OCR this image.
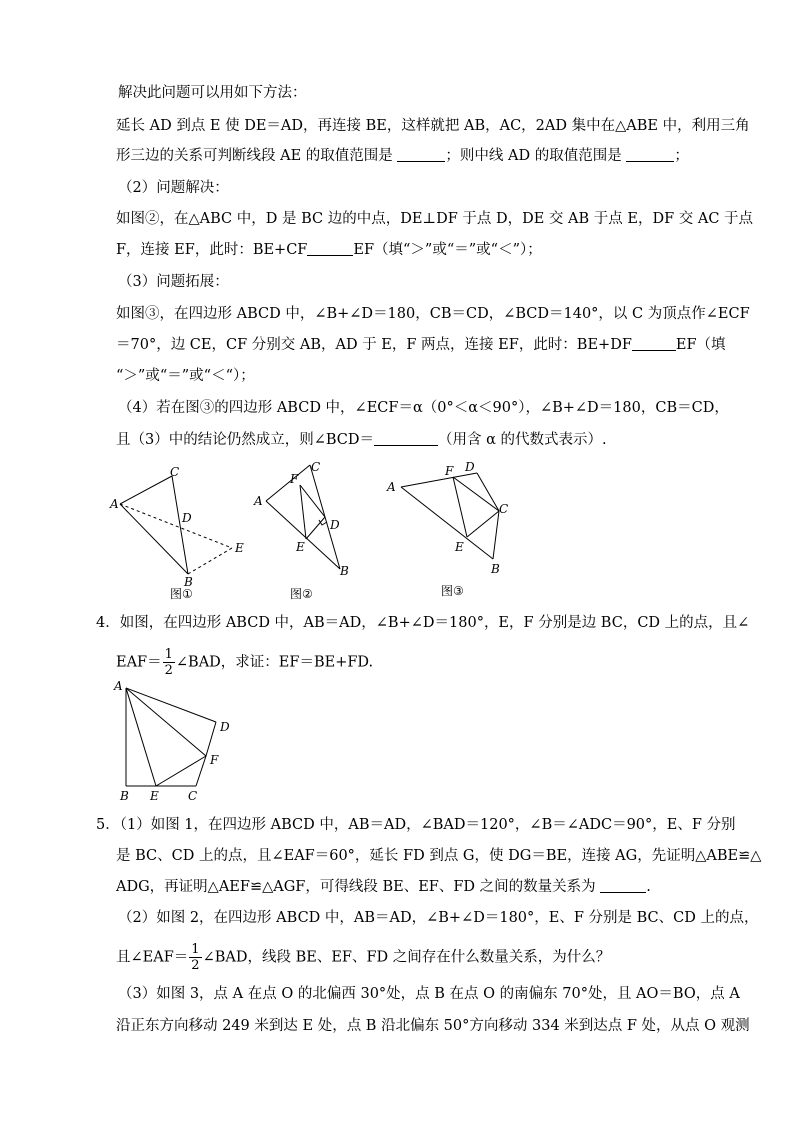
解决此问题可以用如下方法：
延长 AD 到点 E 使 DE＝AD，再连接 BE，这样就把 AB，AC，2AD 集中在△ABE 中，利用三角
形三边的关系可判断线段 AE 的取值范围是	；则中线 AD 的取值范围是	；
（2）问题解决：
如图②，在△ABC 中，D 是 BC 边的中点，DE⊥DF 于点 D，DE 交 AB 于点 E，DF 交 AC 于点
F，连接 EF，此时：BE+CF	EF（填“＞”或“＝”或“＜”）；
（3）问题拓展：
如图③，在四边形 ABCD 中，∠B+∠D＝180，CB＝CD，∠BCD＝140°，以 C 为顶点作∠ECF
＝70°，边 CE，CF 分别交 AB，AD 于 E，F 两点，连接 EF，此时：BE+DF	EF（填
“＞”或“＝”或“＜“）；
（4）若在图③的四边形 ABCD 中，∠ECF＝α（0°＜α＜90°），∠B+∠D＝180，CB＝CD，
且（3）中的结论仍然成立，则∠BCD＝	（用含 α 的代数式表示）.
A
C
D
E
B
图①
F
C
A
D
E
B
图②
F D
A
C
E
B
图③
4．如图，在四边形 ABCD 中，AB＝AD，∠B+∠D＝180°，E，F 分别是边 BC，CD 上的点，且∠
$EAF= \frac{1}{2}$ ∠BAD，求证：EF＝BE+FD.
A
D
F
B E C
5．（1）如图 1，在四边形 ABCD 中，AB＝AD，∠BAD＝120°，∠B＝∠ADC＝90°，E、F 分别
是 BC、CD 上的点，且∠EAF＝60°，延长 FD 到点 G，使 DG＝BE，连接 AG，先证明△ABE≌△
ADG，再证明△AEF≌△AGF，可得线段 BE、EF、FD 之间的数量关系为	.
（2）如图 2，在四边形 ABCD 中，AB＝AD，∠B+∠D＝180°，E、F 分别是 BC、CD 上的点，
且∠EAF＝ $\frac{1}{2}$ ∠BAD，线段 BE、EF、FD 之间存在什么数量关系，为什么？
（3）如图 3，点 A 在点 O 的北偏西 30°处，点 B 在点 O 的南偏东 70°处，且 AO＝BO，点 A
沿正东方向移动 249 米到达 E 处，点 B 沿北偏东 50°方向移动 334 米到达点 F 处，从点 O 观测
